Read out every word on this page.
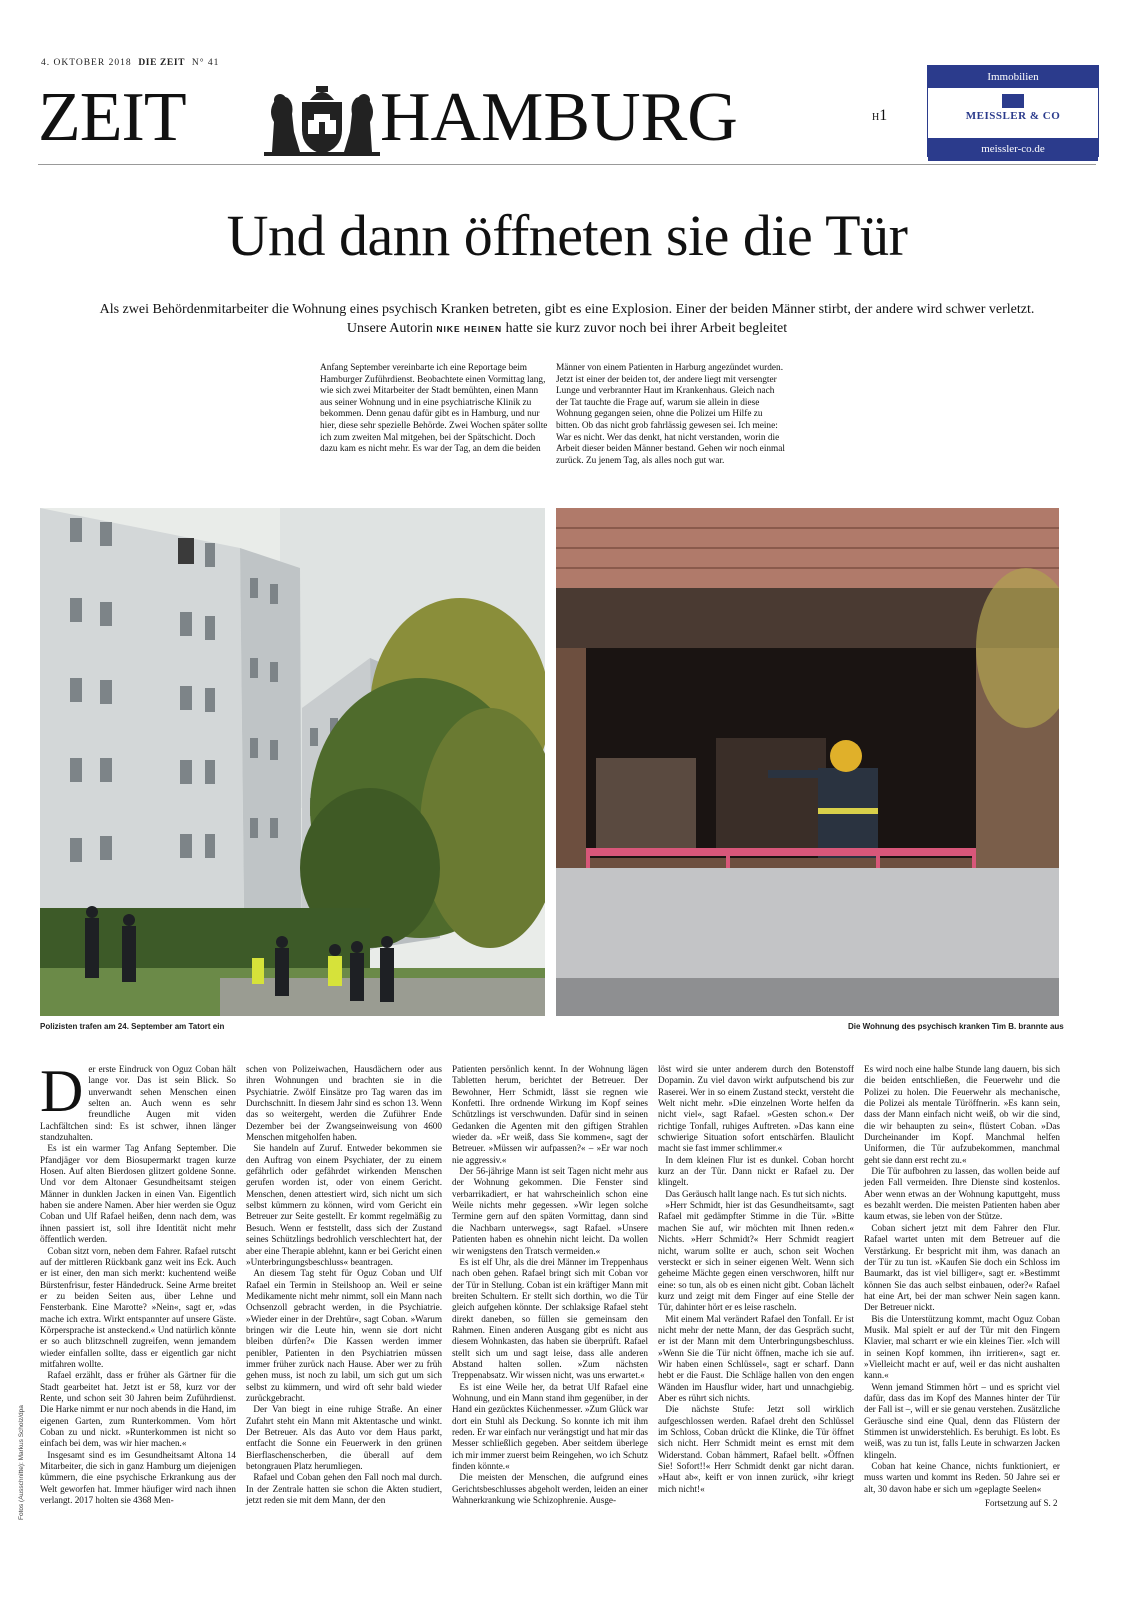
4. OKTOBER 2018 DIE ZEIT N° 41
ZEIT	HAMBURG	H1
Immobilien
MEISSLER & CO
meissler-co.de
Und dann öffneten sie die Tür
Als zwei Behördenmitarbeiter die Wohnung eines psychisch Kranken betreten, gibt es eine Explosion. Einer der beiden Männer stirbt, der andere wird schwer verletzt.
Unsere Autorin NIKE HEINEN hatte sie kurz zuvor noch bei ihrer Arbeit begleitet

Anfang September vereinbarte ich eine Reportage beim Hamburger Zuführdienst. Beobachtete einen Vormittag lang, wie sich zwei Mitarbeiter der Stadt bemühten, einen Mann aus seiner Wohnung und in eine psychiatrische Klinik zu bekommen. Denn genau dafür gibt es in Hamburg, und nur hier, diese sehr spezielle Behörde. Zwei Wochen später sollte ich zum zweiten Mal mitgehen, bei der Spätschicht. Doch dazu kam es nicht mehr. Es war der Tag, an dem die beiden

Männer von einem Patienten in Harburg angezündet wurden. Jetzt ist einer der beiden tot, der andere liegt mit versengter Lunge und verbrannter Haut im Krankenhaus. Gleich nach der Tat tauchte die Frage auf, warum sie allein in diese Wohnung gegangen seien, ohne die Polizei um Hilfe zu bitten. Ob das nicht grob fahrlässig gewesen sei. Ich meine: War es nicht. Wer das denkt, hat nicht verstanden, worin die Arbeit dieser beiden Männer bestand. Gehen wir noch einmal zurück. Zu jenem Tag, als alles noch gut war.

Polizisten trafen am 24. September am Tatort ein	Die Wohnung des psychisch kranken Tim B. brannte aus

Der erste Eindruck von Oguz Coban hält lange vor. Das ist sein Blick. So unverwandt sehen Menschen einen selten an. Auch wenn es sehr freundliche Augen mit viden Lachfältchen sind: Es ist schwer, ihnen länger standzuhalten.

Es ist ein warmer Tag Anfang September. Die Pfandjäger vor dem Biosupermarkt tragen kurze Hosen. Auf alten Bierdosen glitzert goldene Sonne. Und vor dem Altonaer Gesundheitsamt steigen Männer in dunklen Jacken in einen Van. Eigentlich haben sie andere Namen. Aber hier werden sie Oguz Coban und Ulf Rafael heißen, denn nach dem, was ihnen passiert ist, soll ihre Identität nicht mehr öffentlich werden.

Coban sitzt vorn, neben dem Fahrer. Rafael rutscht auf der mittleren Rückbank ganz weit ins Eck. Auch er ist einer, den man sich merkt: kuchentend weiße Bürstenfrisur, fester Händedruck. Seine Arme breitet er zu beiden Seiten aus, über Lehne und Fensterbank. Eine Marotte? »Nein«, sagt er, »das mache ich extra. Wirkt entspannter auf unsere Gäste. Körpersprache ist ansteckend.« Und natürlich könnte er so auch blitzschnell zugreifen, wenn jemandem wieder einfallen sollte, dass er eigentlich gar nicht mitfahren wollte.

Rafael erzählt, dass er früher als Gärtner für die Stadt gearbeitet hat. Jetzt ist er 58, kurz vor der Rente, und schon seit 30 Jahren beim Zuführdienst. Die Harke nimmt er nur noch abends in die Hand, im eigenen Garten, zum Runterkommen. Vom hört Coban zu und nickt. »Runterkommen ist nicht so einfach bei dem, was wir hier machen.«

Insgesamt sind es im Gesundheitsamt Altona 14 Mitarbeiter, die sich in ganz Hamburg um diejenigen kümmern, die eine psychische Erkrankung aus der Welt geworfen hat. Immer häufiger wird nach ihnen verlangt. 2017 holten sie 4368 Men-

schen von Polizeiwachen, Hausdächern oder aus ihren Wohnungen und brachten sie in die Psychiatrie. Zwölf Einsätze pro Tag waren das im Durchschnitt. In diesem Jahr sind es schon 13. Wenn das so weitergeht, werden die Zuführer Ende Dezember bei der Zwangseinweisung von 4600 Menschen mitgeholfen haben.

Sie handeln auf Zuruf. Entweder bekommen sie den Auftrag von einem Psychiater, der zu einem gefährlich oder gefährdet wirkenden Menschen gerufen worden ist, oder von einem Gericht. Menschen, denen attestiert wird, sich nicht um sich selbst kümmern zu können, wird vom Gericht ein Betreuer zur Seite gestellt. Er kommt regelmäßig zu Besuch. Wenn er feststellt, dass sich der Zustand seines Schützlings bedrohlich verschlechtert hat, der aber eine Therapie ablehnt, kann er bei Gericht einen »Unterbringungsbeschluss« beantragen.

An diesem Tag steht für Oguz Coban und Ulf Rafael ein Termin in Steilshoop an. Weil er seine Medikamente nicht mehr nimmt, soll ein Mann nach Ochsenzoll gebracht werden, in die Psychiatrie. »Wieder einer in der Drehtür«, sagt Coban. »Warum bringen wir die Leute hin, wenn sie dort nicht bleiben dürfen?« Die Kassen werden immer penibler, Patienten in den Psychiatrien müssen immer früher zurück nach Hause. Aber wer zu früh gehen muss, ist noch zu labil, um sich gut um sich selbst zu kümmern, und wird oft sehr bald wieder zurückgebracht.

Der Van biegt in eine ruhige Straße. An einer Zufahrt steht ein Mann mit Aktentasche und winkt. Der Betreuer. Als das Auto vor dem Haus parkt, entfacht die Sonne ein Feuerwerk in den grünen Bierflaschenscherben, die überall auf dem betongrauen Platz herumliegen.

Rafael und Coban gehen den Fall noch mal durch. In der Zentrale hatten sie schon die Akten studiert, jetzt reden sie mit dem Mann, der den

Patienten persönlich kennt. In der Wohnung lägen Tabletten herum, berichtet der Betreuer. Der Bewohner, Herr Schmidt, lässt sie regnen wie Konfetti. Ihre ordnende Wirkung im Kopf seines Schützlings ist verschwunden. Dafür sind in seinen Gedanken die Agenten mit den giftigen Strahlen wieder da. »Er weiß, dass Sie kommen«, sagt der Betreuer. »Müssen wir aufpassen?« – »Er war noch nie aggressiv.«

Der 56-jährige Mann ist seit Tagen nicht mehr aus der Wohnung gekommen. Die Fenster sind verbarrikadiert, er hat wahrscheinlich schon eine Weile nichts mehr gegessen. »Wir legen solche Termine gern auf den späten Vormittag, dann sind die Nachbarn unterwegs«, sagt Rafael. »Unsere Patienten haben es ohnehin nicht leicht. Da wollen wir wenigstens den Tratsch vermeiden.«

Es ist elf Uhr, als die drei Männer im Treppenhaus nach oben gehen. Rafael bringt sich mit Coban vor der Tür in Stellung. Coban ist ein kräftiger Mann mit breiten Schultern. Er stellt sich dorthin, wo die Tür gleich aufgehen könnte. Der schlaksige Rafael steht direkt daneben, so füllen sie gemeinsam den Rahmen. Einen anderen Ausgang gibt es nicht aus diesem Wohnkasten, das haben sie überprüft. Rafael stellt sich um und sagt leise, dass alle anderen Abstand halten sollen. »Zum nächsten Treppenabsatz. Wir wissen nicht, was uns erwartet.«

Es ist eine Weile her, da betrat Ulf Rafael eine Wohnung, und ein Mann stand ihm gegenüber, in der Hand ein gezücktes Küchenmesser. »Zum Glück war dort ein Stuhl als Deckung. So konnte ich mit ihm reden. Er war einfach nur verängstigt und hat mir das Messer schließlich gegeben. Aber seitdem überlege ich mir immer zuerst beim Reingehen, wo ich Schutz finden könnte.«

Die meisten der Menschen, die aufgrund eines Gerichtsbeschlusses abgeholt werden, leiden an einer Wahnerkrankung wie Schizophrenie. Ausge-

löst wird sie unter anderem durch den Botenstoff Dopamin. Zu viel davon wirkt aufputschend bis zur Raserei. Wer in so einem Zustand steckt, versteht die Welt nicht mehr. »Die einzelnen Worte helfen da nicht viel«, sagt Rafael. »Gesten schon.« Der richtige Tonfall, ruhiges Auftreten. »Das kann eine schwierige Situation sofort entschärfen. Blaulicht macht sie fast immer schlimmer.«

In dem kleinen Flur ist es dunkel. Coban horcht kurz an der Tür. Dann nickt er Rafael zu. Der klingelt.

Das Geräusch hallt lange nach. Es tut sich nichts.

»Herr Schmidt, hier ist das Gesundheitsamt«, sagt Rafael mit gedämpfter Stimme in die Tür. »Bitte machen Sie auf, wir möchten mit Ihnen reden.« Nichts. »Herr Schmidt?« Herr Schmidt reagiert nicht, warum sollte er auch, schon seit Wochen versteckt er sich in seiner eigenen Welt. Wenn sich geheime Mächte gegen einen verschworen, hilft nur eine: so tun, als ob es einen nicht gibt. Coban lächelt kurz und zeigt mit dem Finger auf eine Stelle der Tür, dahinter hört er es leise rascheln.

Mit einem Mal verändert Rafael den Tonfall. Er ist nicht mehr der nette Mann, der das Gespräch sucht, er ist der Mann mit dem Unterbringungsbeschluss. »Wenn Sie die Tür nicht öffnen, mache ich sie auf. Wir haben einen Schlüssel«, sagt er scharf. Dann hebt er die Faust. Die Schläge hallen von den engen Wänden im Hausflur wider, hart und unnachgiebig. Aber es rührt sich nichts.

Die nächste Stufe: Jetzt soll wirklich aufgeschlossen werden. Rafael dreht den Schlüssel im Schloss, Coban drückt die Klinke, die Tür öffnet sich nicht. Herr Schmidt meint es ernst mit dem Widerstand. Coban hämmert, Rafael bellt. »Öffnen Sie! Sofort!!« Herr Schmidt denkt gar nicht daran. »Haut ab«, keift er von innen zurück, »ihr kriegt mich nicht!«

Es wird noch eine halbe Stunde lang dauern, bis sich die beiden entschließen, die Feuerwehr und die Polizei zu holen. Die Feuerwehr als mechanische, die Polizei als mentale Türöffnerin. »Es kann sein, dass der Mann einfach nicht weiß, ob wir die sind, die wir behaupten zu sein«, flüstert Coban. »Das Durcheinander im Kopf. Manchmal helfen Uniformen, die Tür aufzubekommen, manchmal geht sie dann erst recht zu.«

Die Tür aufbohren zu lassen, das wollen beide auf jeden Fall vermeiden. Ihre Dienste sind kostenlos. Aber wenn etwas an der Wohnung kaputtgeht, muss es bezahlt werden. Die meisten Patienten haben aber kaum etwas, sie leben von der Stütze.

Coban sichert jetzt mit dem Fahrer den Flur. Rafael wartet unten mit dem Betreuer auf die Verstärkung. Er bespricht mit ihm, was danach an der Tür zu tun ist. »Kaufen Sie doch ein Schloss im Baumarkt, das ist viel billiger«, sagt er. »Bestimmt können Sie das auch selbst einbauen, oder?« Rafael hat eine Art, bei der man schwer Nein sagen kann. Der Betreuer nickt.

Bis die Unterstützung kommt, macht Oguz Coban Musik. Mal spielt er auf der Tür mit den Fingern Klavier, mal scharrt er wie ein kleines Tier. »Ich will in seinen Kopf kommen, ihn irritieren«, sagt er. »Vielleicht macht er auf, weil er das nicht aushalten kann.«

Wenn jemand Stimmen hört – und es spricht viel dafür, dass das im Kopf des Mannes hinter der Tür der Fall ist –, will er sie genau verstehen. Zusätzliche Geräusche sind eine Qual, denn das Flüstern der Stimmen ist unwiderstehlich. Es beruhigt. Es lobt. Es weiß, was zu tun ist, falls Leute in schwarzen Jacken klingeln.

Coban hat keine Chance, nichts funktioniert, er muss warten und kommt ins Reden. 50 Jahre sei er alt, 30 davon habe er sich um »geplagte Seelen«

Fotos (Ausschnitte): Markus Scholz/dpa	Fortsetzung auf S. 2
